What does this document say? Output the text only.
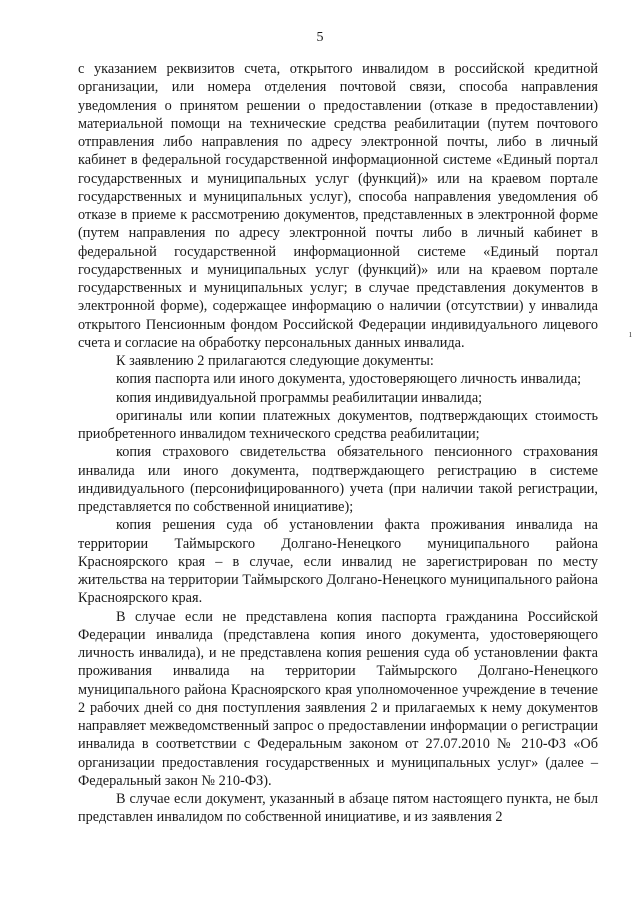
5

с указанием реквизитов счета, открытого инвалидом в российской кредитной организации, или номера отделения почтовой связи, способа направления уведомления о принятом решении о предоставлении (отказе в предоставлении) материальной помощи на технические средства реабилитации (путем почтового отправления либо направления по адресу электронной почты, либо в личный кабинет в федеральной государственной информационной системе «Единый портал государственных и муниципальных услуг (функций)» или на краевом портале государственных и муниципальных услуг), способа направления уведомления об отказе в приеме к рассмотрению документов, представленных в электронной форме (путем направления по адресу электронной почты либо в личный кабинет в федеральной государственной информационной системе «Единый портал государственных и муниципальных услуг (функций)» или на краевом портале государственных и муниципальных услуг; в случае представления документов в электронной форме), содержащее информацию о наличии (отсутствии) у инвалида открытого Пенсионным фондом Российской Федерации индивидуального лицевого счета и согласие на обработку персональных данных инвалида.

К заявлению 2 прилагаются следующие документы:

копия паспорта или иного документа, удостоверяющего личность инвалида;

копия индивидуальной программы реабилитации инвалида;

оригиналы или копии платежных документов, подтверждающих стоимость приобретенного инвалидом технического средства реабилитации;

копия страхового свидетельства обязательного пенсионного страхования инвалида или иного документа, подтверждающего регистрацию в системе индивидуального (персонифицированного) учета (при наличии такой регистрации, представляется по собственной инициативе);

копия решения суда об установлении факта проживания инвалида на территории Таймырского Долгано-Ненецкого муниципального района Красноярского края – в случае, если инвалид не зарегистрирован по месту жительства на территории Таймырского Долгано-Ненецкого муниципального района Красноярского края.

В случае если не представлена копия паспорта гражданина Российской Федерации инвалида (представлена копия иного документа, удостоверяющего личность инвалида), и не представлена копия решения суда об установлении факта проживания инвалида на территории Таймырского Долгано-Ненецкого муниципального района Красноярского края уполномоченное учреждение в течение 2 рабочих дней со дня поступления заявления 2 и прилагаемых к нему документов направляет межведомственный запрос о предоставлении информации о регистрации инвалида в соответствии с Федеральным законом от 27.07.2010 № 210-ФЗ «Об организации предоставления государственных и муниципальных услуг» (далее – Федеральный закон № 210-ФЗ).

В случае если документ, указанный в абзаце пятом настоящего пункта, не был представлен инвалидом по собственной инициативе, и из заявления 2

ı
